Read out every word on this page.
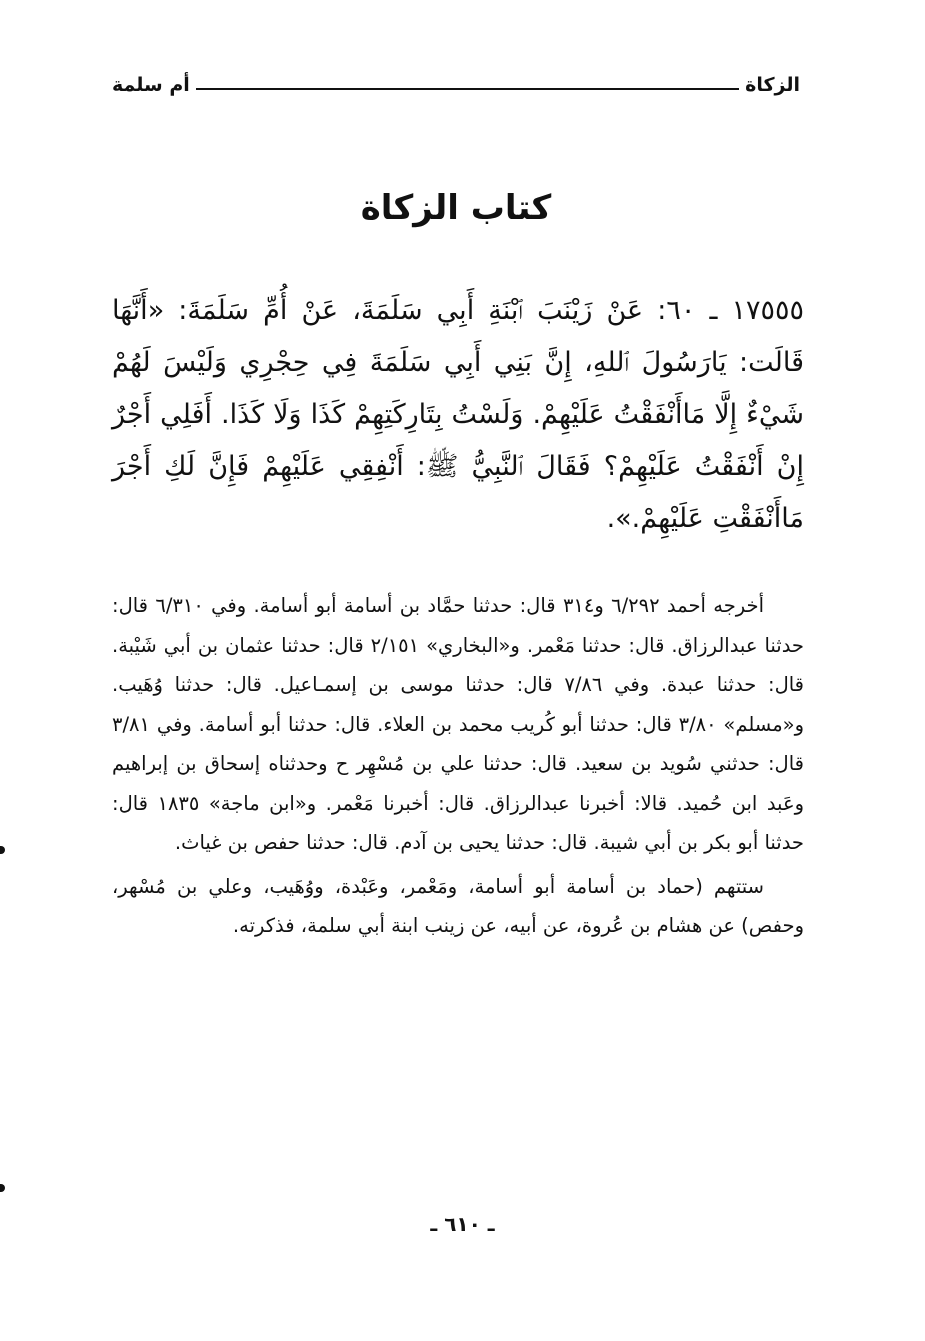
الزكاة
أم سلمة
كتاب الزكاة
١٧٥٥٥ ـ ٦٠: عَنْ زَيْنَبَ ٱبْنَةِ أَبِي سَلَمَةَ، عَنْ أُمِّ سَلَمَةَ: «أَنَّهَا قَالَت: يَارَسُولَ ٱللهِ، إِنَّ بَنِي أَبِي سَلَمَةَ فِي حِجْرِي وَلَيْسَ لَهُمْ شَيْءٌ إِلَّا مَاأَنْفَقْتُ عَلَيْهِمْ. وَلَسْتُ بِتَارِكَتِهِمْ كَذَا وَلَا كَذَا. أَفَلِي أَجْرٌ إِنْ أَنْفَقْتُ عَلَيْهِمْ؟ فَقَالَ ٱلنَّبِيُّ ﷺ: أَنْفِقِي عَلَيْهِمْ فَإِنَّ لَكِ أَجْرَ مَاأَنْفَقْتِ عَلَيْهِمْ.».

أخرجه أحمد ٦/٢٩٢ و٣١٤ قال: حدثنا حمَّاد بن أسامة أبو أسامة. وفي ٦/٣١٠ قال: حدثنا عبدالرزاق. قال: حدثنا مَعْمر. و«البخاري» ٢/١٥١ قال: حدثنا عثمان بن أبي شَيْبة. قال: حدثنا عبدة. وفي ٧/٨٦ قال: حدثنا موسى بن إسمـاعيل. قال: حدثنا وُهَيب. و«مسلم» ٣/٨٠ قال: حدثنا أبو كُريب محمد بن العلاء. قال: حدثنا أبو أسامة. وفي ٣/٨١ قال: حدثني سُويد بن سعيد. قال: حدثنا علي بن مُسْهِر ح وحدثناه إسحاق بن إبراهيم وعَبد ابن حُميد. قالا: أخبرنا عبدالرزاق. قال: أخبرنا مَعْمر. و«ابن ماجة» ١٨٣٥ قال: حدثنا أبو بكر بن أبي شيبة. قال: حدثنا يحيى بن آدم. قال: حدثنا حفص بن غياث.

ستتهم (حماد بن أسامة أبو أسامة، ومَعْمر، وعَبْدة، ووُهَيب، وعلي بن مُسْهر، وحفص) عن هشام بن عُروة، عن أبيه، عن زينب ابنة أبي سلمة، فذكرته.

ـ ٦١٠ ـ
